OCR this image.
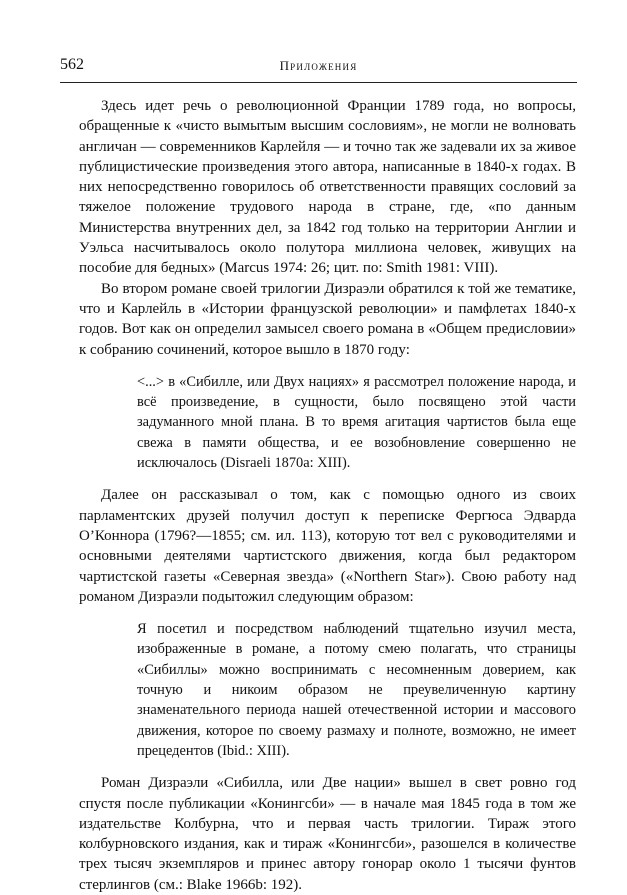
562	Приложения

Здесь идет речь о революционной Франции 1789 года, но вопросы, обращенные к «чисто вымытым высшим сословиям», не могли не волновать англичан — современников Карлейля — и точно так же задевали их за живое публицистические произведения этого автора, написанные в 1840-х годах. В них непосредственно говорилось об ответственности правящих сословий за тяжелое положение трудового народа в стране, где, «по данным Министерства внутренних дел, за 1842 год только на территории Англии и Уэльса насчитывалось около полутора миллиона человек, живущих на пособие для бедных» (Marcus 1974: 26; цит. по: Smith 1981: VIII).

Во втором романе своей трилогии Дизраэли обратился к той же тематике, что и Карлейль в «Истории французской революции» и памфлетах 1840-х годов. Вот как он определил замысел своего романа в «Общем предисловии» к собранию сочинений, которое вышло в 1870 году:

<...> в «Сибилле, или Двух нациях» я рассмотрел положение народа, и всё произведение, в сущности, было посвящено этой части задуманного мной плана. В то время агитация чартистов была еще свежа в памяти общества, и ее возобновление совершенно не исключалось (Disraeli 1870a: XIII).

Далее он рассказывал о том, как с помощью одного из своих парламентских друзей получил доступ к переписке Фергюса Эдварда О’Коннора (1796?—1855; см. ил. 113), которую тот вел с руководителями и основными деятелями чартистского движения, когда был редактором чартистской газеты «Северная звезда» («Northern Star»). Свою работу над романом Дизраэли подытожил следующим образом:

Я посетил и посредством наблюдений тщательно изучил места, изображенные в романе, а потому смею полагать, что страницы «Сибиллы» можно воспринимать с несомненным доверием, как точную и никоим образом не преувеличенную картину знаменательного периода нашей отечественной истории и массового движения, которое по своему размаху и полноте, возможно, не имеет прецедентов (Ibid.: XIII).

Роман Дизраэли «Сибилла, или Две нации» вышел в свет ровно год спустя после публикации «Конингсби» — в начале мая 1845 года в том же издательстве Колбурна, что и первая часть трилогии. Тираж этого колбурновского издания, как и тираж «Конингсби», разошелся в количестве трех тысяч экземпляров и принес автору гонорар около 1 тысячи фунтов стерлингов (см.: Blake 1966b: 192).
